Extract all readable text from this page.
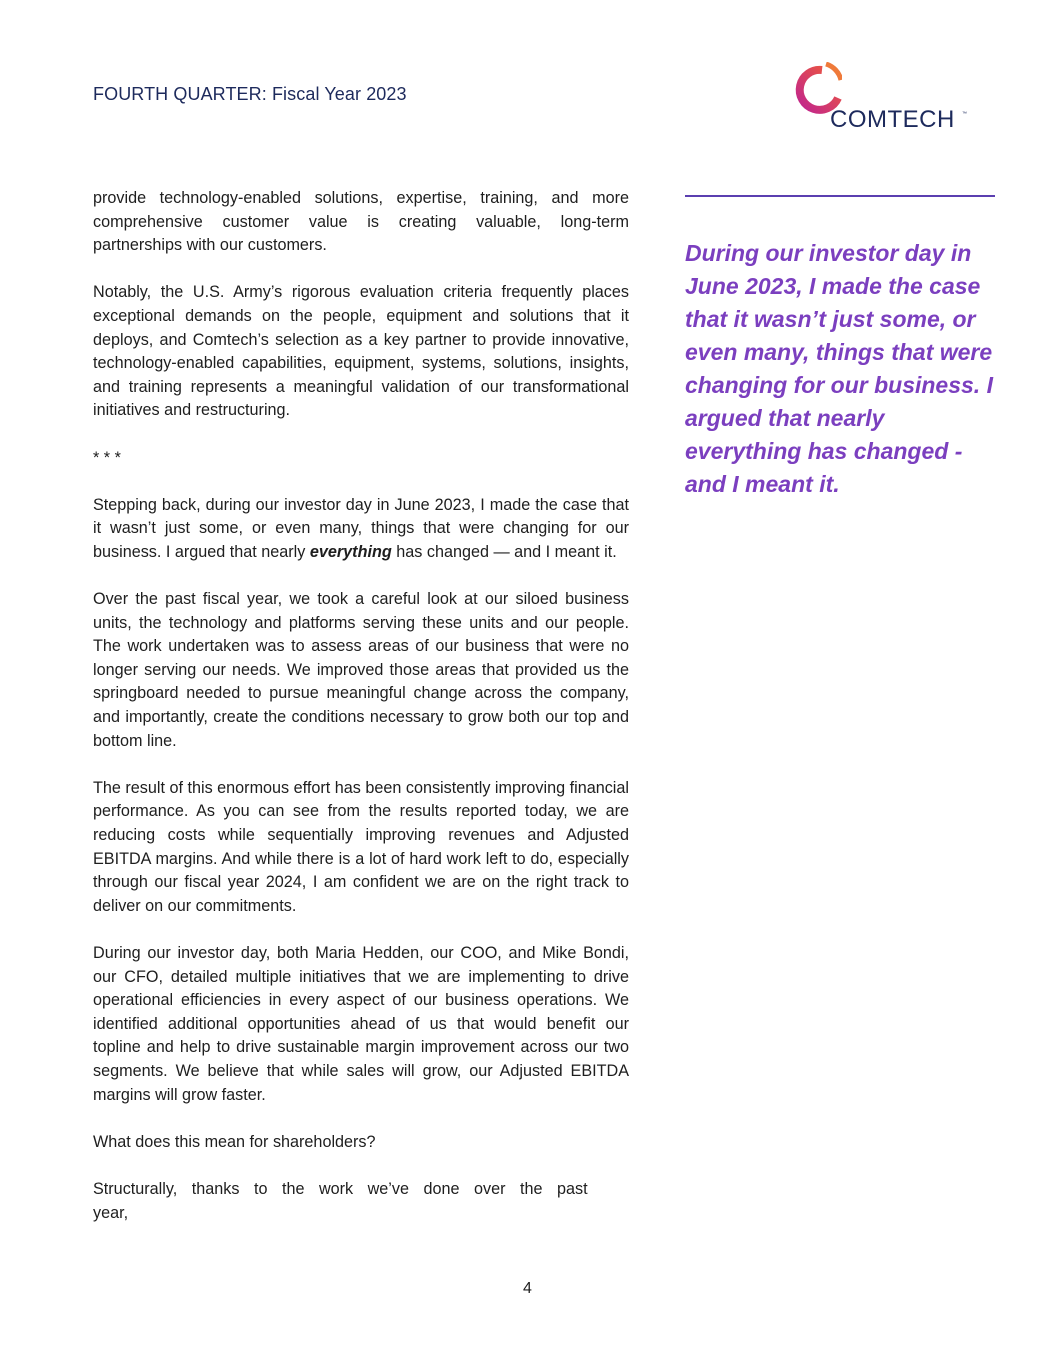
FOURTH QUARTER: Fiscal Year 2023
COMTECH ™

provide technology-enabled solutions, expertise, training, and more comprehensive customer value is creating valuable, long-term partnerships with our customers.

Notably, the U.S. Army’s rigorous evaluation criteria frequently places exceptional demands on the people, equipment and solutions that it deploys, and Comtech’s selection as a key partner to provide innovative, technology-enabled capabilities, equipment, systems, solutions, insights, and training represents a meaningful validation of our transformational initiatives and restructuring.

* * *

Stepping back, during our investor day in June 2023, I made the case that it wasn’t just some, or even many, things that were changing for our business. I argued that nearly everything has changed — and I meant it.

Over the past fiscal year, we took a careful look at our siloed business units, the technology and platforms serving these units and our people. The work undertaken was to assess areas of our business that were no longer serving our needs. We improved those areas that provided us the springboard needed to pursue meaningful change across the company, and importantly, create the conditions necessary to grow both our top and bottom line.

The result of this enormous effort has been consistently improving financial performance. As you can see from the results reported today, we are reducing costs while sequentially improving revenues and Adjusted EBITDA margins. And while there is a lot of hard work left to do, especially through our fiscal year 2024, I am confident we are on the right track to deliver on our commitments.

During our investor day, both Maria Hedden, our COO, and Mike Bondi, our CFO, detailed multiple initiatives that we are implementing to drive operational efficiencies in every aspect of our business operations. We identified additional opportunities ahead of us that would benefit our topline and help to drive sustainable margin improvement across our two segments. We believe that while sales will grow, our Adjusted EBITDA margins will grow faster.

What does this mean for shareholders?

Structurally, thanks to the work we’ve done over the past year,

During our investor day in June 2023, I made the case that it wasn’t just some, or even many, things that were changing for our business. I argued that nearly everything has changed - and I meant it.

4
